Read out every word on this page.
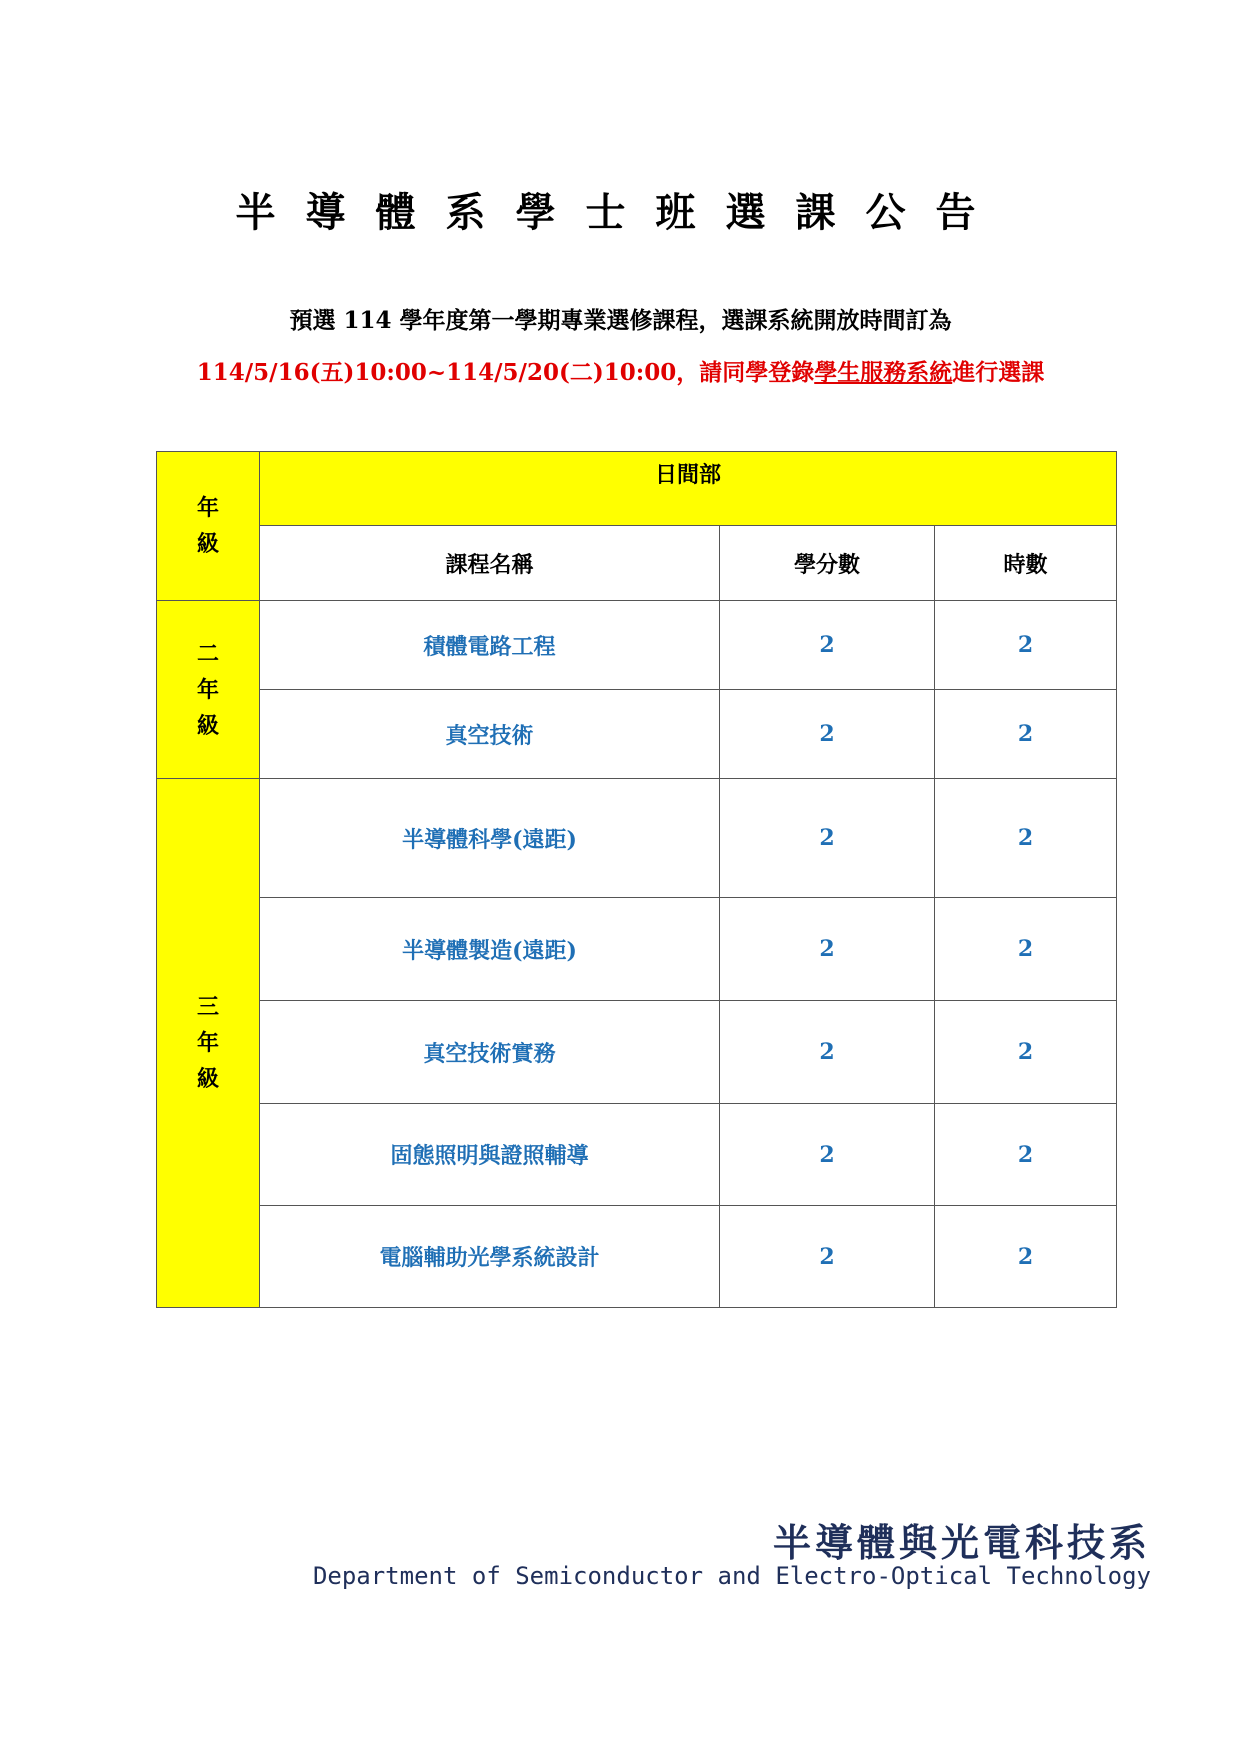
半導體系學士班選課公告
預選 114 學年度第一學期專業選修課程，選課系統開放時間訂為
114/5/16(五)10:00~114/5/20(二)10:00，請同學登錄學生服務系統進行選課
年
級	日間部		
	課程名稱	學分數	時數

二
年
級	積體電路工程	2	2
	真空技術	2	2

三
年
級	半導體科學(遠距)	2	2
	半導體製造(遠距)	2	2
	真空技術實務	2	2
	固態照明與證照輔導	2	2
	電腦輔助光學系統設計	2	2
半導體與光電科技系
Department of Semiconductor and Electro-Optical Technology
